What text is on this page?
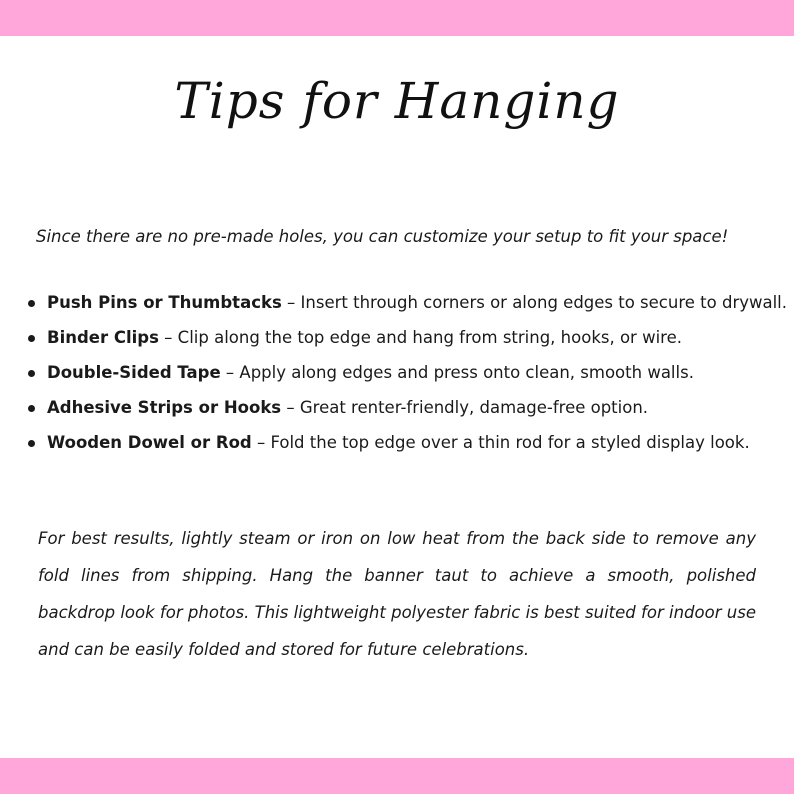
Tips for Hanging
Since there are no pre-made holes, you can customize your setup to fit your space!
Push Pins or Thumbtacks – Insert through corners or along edges to secure to drywall.
Binder Clips – Clip along the top edge and hang from string, hooks, or wire.
Double-Sided Tape – Apply along edges and press onto clean, smooth walls.
Adhesive Strips or Hooks – Great renter-friendly, damage-free option.
Wooden Dowel or Rod – Fold the top edge over a thin rod for a styled display look.

For best results, lightly steam or iron on low heat from the back side to remove any fold lines from shipping. Hang the banner taut to achieve a smooth, polished backdrop look for photos. This lightweight polyester fabric is best suited for indoor use and can be easily folded and stored for future celebrations.
